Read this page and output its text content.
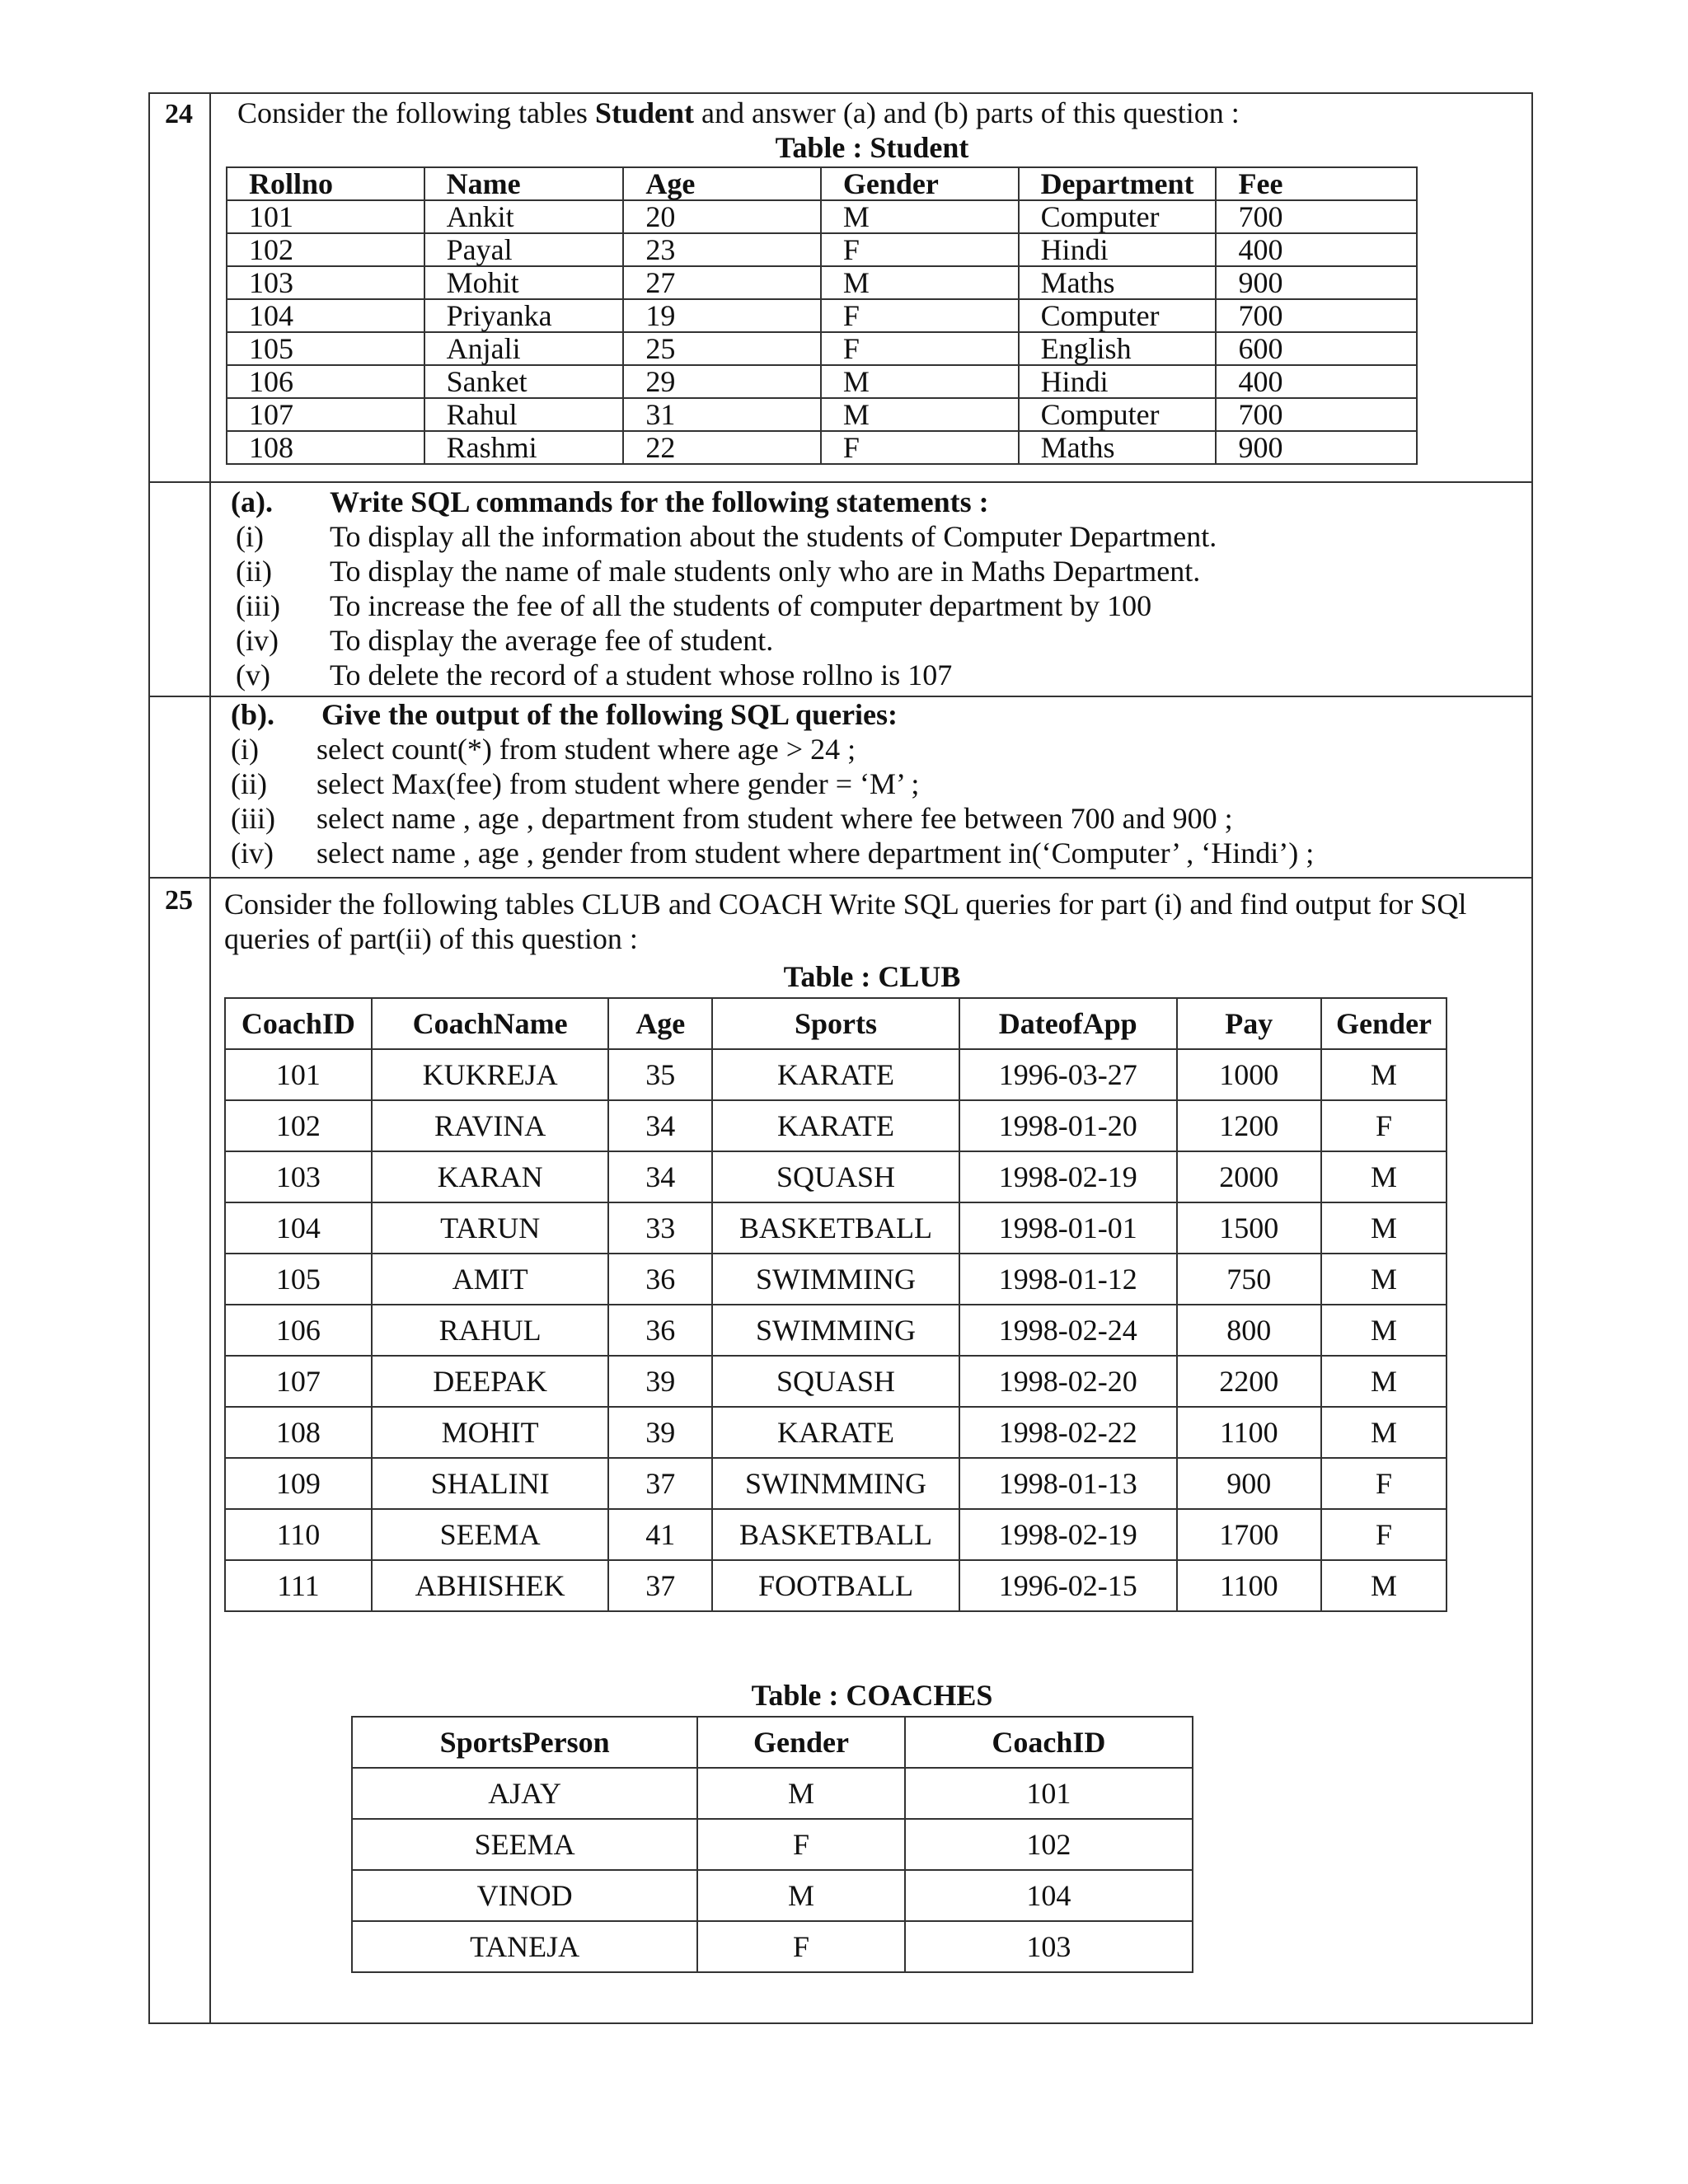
24 Consider the following tables Student and answer (a) and (b) parts of this question :
Table : Student
Rollno	Name	Age	Gender	Department	Fee
101	Ankit	20	M	Computer	700
102	Payal	23	F	Hindi	400
103	Mohit	27	M	Maths	900
104	Priyanka	19	F	Computer	700
105	Anjali	25	F	English	600
106	Sanket	29	M	Hindi	400
107	Rahul	31	M	Computer	700
108	Rashmi	22	F	Maths	900
(a). Write SQL commands for the following statements :
(i) To display all the information about the students of Computer Department.
(ii) To display the name of male students only who are in Maths Department.
(iii) To increase the fee of all the students of computer department by 100
(iv) To display the average fee of student.
(v) To delete the record of a student whose rollno is 107
(b). Give the output of the following SQL queries:
(i) select count(*) from student where age > 24 ;
(ii) select Max(fee) from student where gender = ‘M’ ;
(iii) select name , age , department from student where fee between 700 and 900 ;
(iv) select name , age , gender from student where department in(‘Computer’ , ‘Hindi’) ;
25 Consider the following tables CLUB and COACH Write SQL queries for part (i) and find output for SQl
queries of part(ii) of this question :
Table : CLUB
CoachID	CoachName	Age	Sports	DateofApp	Pay	Gender
101	KUKREJA	35	KARATE	1996-03-27	1000	M
102	RAVINA	34	KARATE	1998-01-20	1200	F
103	KARAN	34	SQUASH	1998-02-19	2000	M
104	TARUN	33	BASKETBALL	1998-01-01	1500	M
105	AMIT	36	SWIMMING	1998-01-12	750	M
106	RAHUL	36	SWIMMING	1998-02-24	800	M
107	DEEPAK	39	SQUASH	1998-02-20	2200	M
108	MOHIT	39	KARATE	1998-02-22	1100	M
109	SHALINI	37	SWINMMING	1998-01-13	900	F
110	SEEMA	41	BASKETBALL	1998-02-19	1700	F
111	ABHISHEK	37	FOOTBALL	1996-02-15	1100	M
Table : COACHES
SportsPerson	Gender	CoachID
AJAY	M	101
SEEMA	F	102
VINOD	M	104
TANEJA	F	103
